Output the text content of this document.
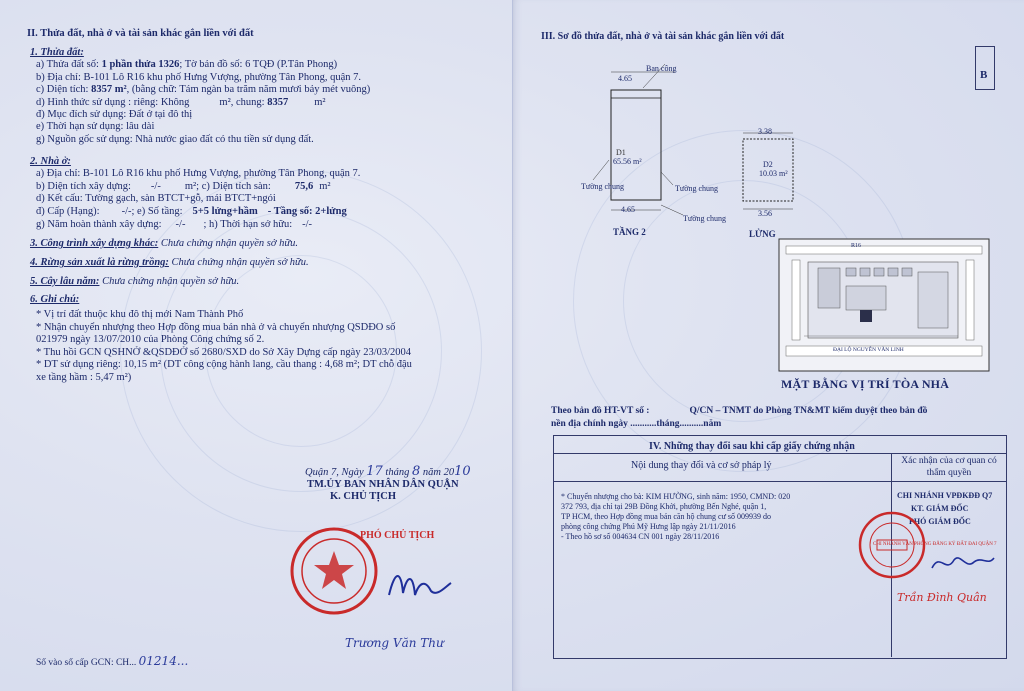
II. Thửa đất, nhà ở và tài sản khác gắn liền với đất
1. Thửa đất:
a) Thửa đất số: 1 phần thửa 1326; Tờ bản đồ số: 6 TQĐ (P.Tân Phong)
b) Địa chỉ: B-101 Lô R16 khu phố Hưng Vượng, phường Tân Phong, quận 7.
c) Diện tích: 8357 m², (bằng chữ: Tám ngàn ba trăm năm mươi bảy mét vuông)
d) Hình thức sử dụng : riêng: Không	m², chung: 8357 m²
đ) Mục đích sử dụng: Đất ở tại đô thị
e) Thời hạn sử dụng: lâu dài
g) Nguồn gốc sử dụng: Nhà nước giao đất có thu tiền sử dụng đất.
2. Nhà ở:
a) Địa chỉ: B-101 Lô R16 khu phố Hưng Vượng, phường Tân Phong, quận 7.
b) Diện tích xây dựng: -/- m²; c) Diện tích sàn: 75,6 m²
d) Kết cấu: Tường gạch, sàn BTCT+gỗ, mái BTCT+ngói
đ) Cấp (Hạng): -/-; e) Số tầng: 5+5 lửng+hầm - Tầng số: 2+lửng
g) Năm hoàn thành xây dựng: -/- ; h) Thời hạn sở hữu: -/-
3. Công trình xây dựng khác: Chưa chứng nhận quyền sở hữu.
4. Rừng sản xuất là rừng trồng: Chưa chứng nhận quyền sở hữu.
5. Cây lâu năm: Chưa chứng nhận quyền sở hữu.
6. Ghi chú:
* Vị trí đất thuộc khu đô thị mới Nam Thành Phố
* Nhận chuyển nhượng theo Hợp đồng mua bán nhà ở và chuyển nhượng QSDĐO số
021979 ngày 13/07/2010 của Phòng Công chứng số 2.
* Thu hồi GCN QSHNỞ &QSDĐỞ số 2680/SXD do Sở Xây Dựng cấp ngày 23/03/2004
* DT sử dụng riêng: 10,15 m² (DT công cộng hành lang, cầu thang : 4,68 m²; DT chỗ đậu
xe tầng hầm : 5,47 m²)
Quận 7, Ngày 17 tháng 8 năm 2010
TM.ỦY BAN NHÂN DÂN QUẬN
K. CHỦ TỊCH
PHÓ CHỦ TỊCH
Trương Văn Thư
Số vào sổ cấp GCN: CH... 01214...
III. Sơ đồ thửa đất, nhà ở và tài sản khác gắn liền với đất
B
Ban công
4.65
D1
65.56 m²
Tường chung	Tường chung
Tường chung
4.65
TẦNG 2
3.38
D2
10.03 m²
3.56
LỬNG
R16
ĐẠI LỘ NGUYỄN VĂN LINH
MẶT BẰNG VỊ TRÍ TÒA NHÀ
Theo bản đồ HT-VT số :	Q/CN – TNMT do Phòng TN&MT kiểm duyệt theo bản đồ
nền địa chính ngày ...........tháng..........năm
IV. Những thay đổi sau khi cấp giấy chứng nhận
Nội dung thay đổi và cơ sở pháp lý	Xác nhận của cơ quan có thẩm quyền
* Chuyển nhượng cho bà: KIM HƯỜNG, sinh năm: 1950, CMND: 020
372 793, địa chỉ tại 29B Đồng Khởi, phường Bến Nghé, quận 1,
TP HCM, theo Hợp đồng mua bán căn hộ chung cư số 009939 do
phòng công chứng Phú Mỹ Hưng lập ngày 21/11/2016
- Theo hồ sơ số 004634 CN 001 ngày 28/11/2016
CHI NHÁNH VPĐKĐĐ Q7
KT. GIÁM ĐỐC
PHÓ GIÁM ĐỐC
CHI NHÁNH VĂN PHÒNG ĐĂNG KÝ ĐẤT ĐAI QUẬN 7
Trần Đình Quân
